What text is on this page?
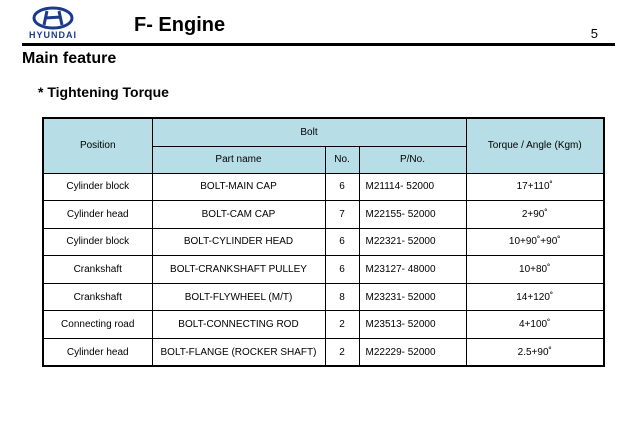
HYUNDAI	F- Engine	5
Main feature
* Tightening Torque
Position	Bolt			Torque / Angle (Kgm)
	Part name	No.	P/No.	
Cylinder block	BOLT-MAIN CAP	6	M21114- 52000	17+110˚
Cylinder head	BOLT-CAM CAP	7	M22155- 52000	2+90˚
Cylinder block	BOLT-CYLINDER HEAD	6	M22321- 52000	10+90˚+90˚
Crankshaft	BOLT-CRANKSHAFT PULLEY	6	M23127- 48000	10+80˚
Crankshaft	BOLT-FLYWHEEL (M/T)	8	M23231- 52000	14+120˚
Connecting road	BOLT-CONNECTING ROD	2	M23513- 52000	4+100˚
Cylinder head	BOLT-FLANGE (ROCKER SHAFT)	2	M22229- 52000	2.5+90˚
